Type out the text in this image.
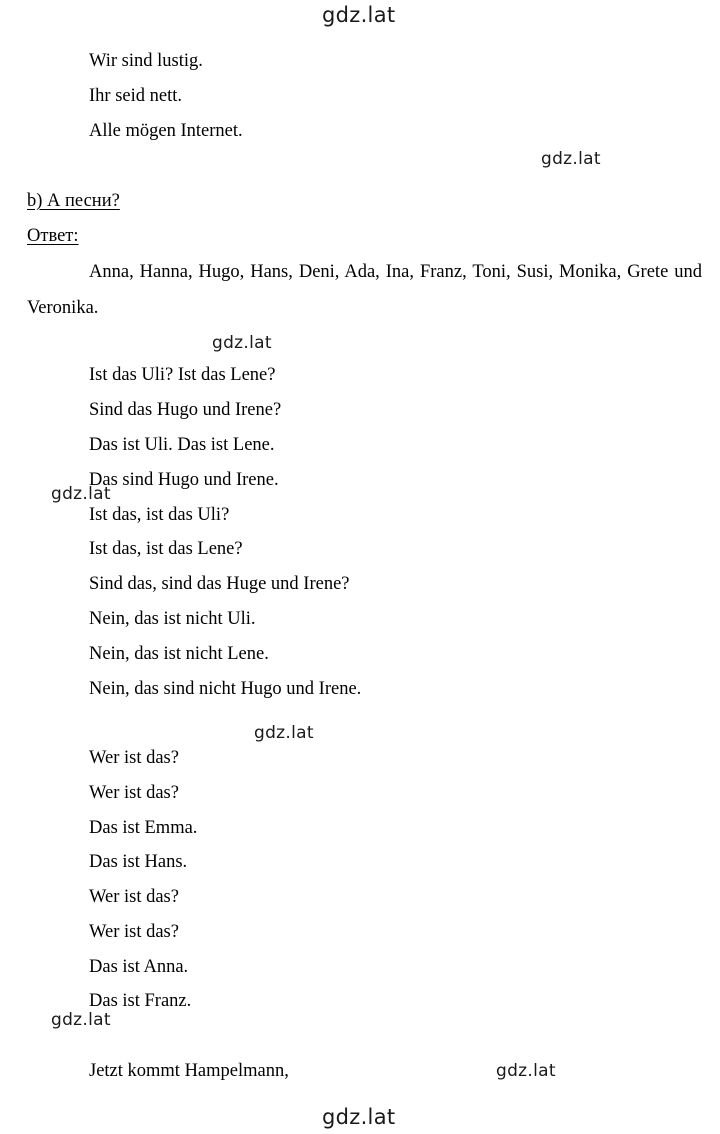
gdz.lat
gdz.lat
gdz.lat
gdz.lat
gdz.lat
gdz.lat
gdz.lat
gdz.lat
Wir sind lustig.
Ihr seid nett.
Alle mögen Internet.
b) А песни?
Ответ:
Anna, Hanna, Hugo, Hans, Deni, Ada, Ina, Franz, Toni, Susi, Monika, Grete und Veronika.
Ist das Uli? Ist das Lene?
Sind das Hugo und Irene?
Das ist Uli. Das ist Lene.
Das sind Hugo und Irene.
Ist das, ist das Uli?
Ist das, ist das Lene?
Sind das, sind das Huge und Irene?
Nein, das ist nicht Uli.
Nein, das ist nicht Lene.
Nein, das sind nicht Hugo und Irene.
Wer ist das?
Wer ist das?
Das ist Emma.
Das ist Hans.
Wer ist das?
Wer ist das?
Das ist Anna.
Das ist Franz.
Jetzt kommt Hampelmann,
